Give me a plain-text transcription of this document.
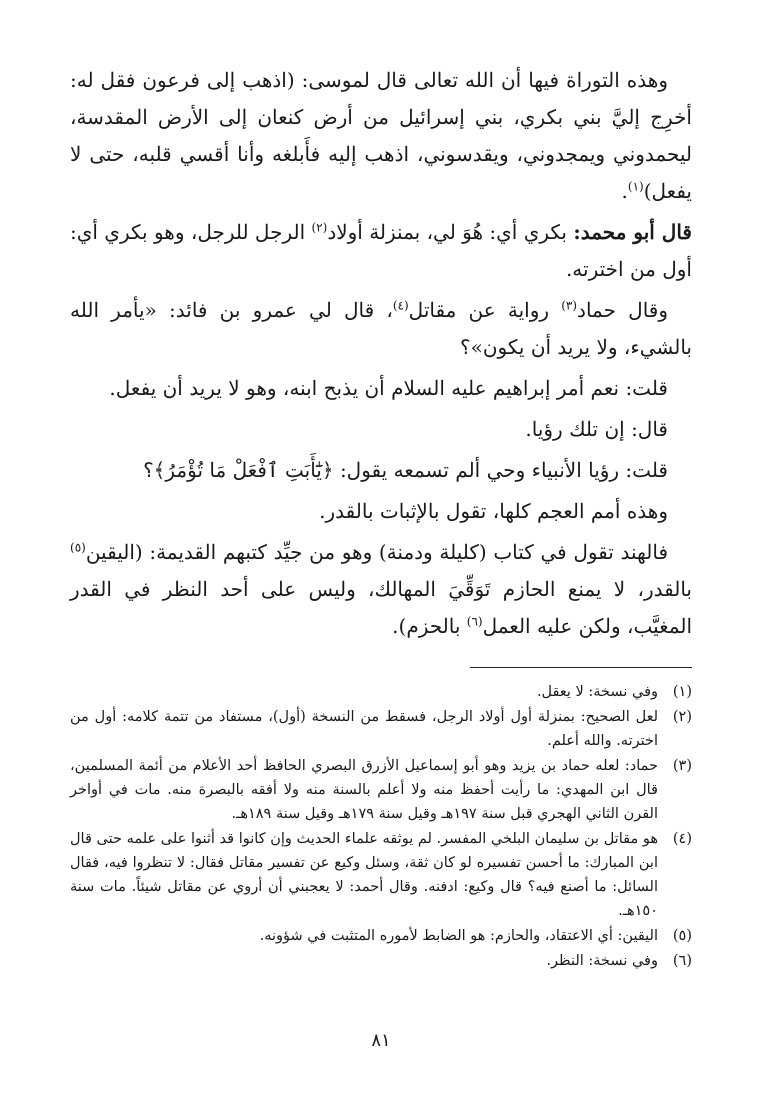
وهذه التوراة فيها أن الله تعالى قال لموسى: (اذهب إلى فرعون فقل له: أخرِج إليَّ بني بكري، بني إسرائيل من أرض كنعان إلى الأرض المقدسة، ليحمدوني ويمجدوني، ويقدسوني، اذهب إليه فأَبلغه وأنا أقسي قلبه، حتى لا يفعل)$^{(١)}$.

قال أبو محمد: بكري أي: هُوَ لي، بمنزلة أولاد$^{(٢)}$ الرجل للرجل، وهو بكري أي: أول من اخترته.

وقال حماد$^{(٣)}$ رواية عن مقاتل$^{(٤)}$، قال لي عمرو بن فائد: «يأمر الله بالشيء، ولا يريد أن يكون»؟

قلت: نعم أمر إبراهيم عليه السلام أن يذبح ابنه، وهو لا يريد أن يفعل.

قال: إن تلك رؤيا.

قلت: رؤيا الأنبياء وحي ألم تسمعه يقول: ﴿يَٰٓأَبَتِ ٱفْعَلْ مَا تُؤْمَرُ﴾؟

وهذه أمم العجم كلها، تقول بالإثبات بالقدر.

فالهند تقول في كتاب (كليلة ودمنة) وهو من جيِّد كتبهم القديمة: (اليقين$^{(٥)}$ بالقدر، لا يمنع الحازم تَوَقِّيَ المهالك، وليس على أحد النظر في القدر المغيَّب، ولكن عليه العمل$^{(٦)}$ بالحزم).

(١)
وفي نسخة: لا يعقل.
(٢)
لعل الصحيح: بمنزلة أول أولاد الرجل، فسقط من النسخة (أول)، مستفاد من تتمة كلامه: أول من اخترته. والله أعلم.
(٣)
حماد: لعله حماد بن يزيد وهو أبو إسماعيل الأزرق البصري الحافظ أحد الأعلام من أئمة المسلمين، قال ابن المهدي: ما رأيت أحفظ منه ولا أعلم بالسنة منه ولا أفقه بالبصرة منه. مات في أواخر القرن الثاني الهجري قبل سنة ١٩٧هـ وقيل سنة ١٧٩هـ وقيل سنة ١٨٩هـ.
(٤)
هو مقاتل بن سليمان البلخي المفسر. لم يوثقه علماء الحديث وإن كانوا قد أثنوا على علمه حتى قال ابن المبارك: ما أحسن تفسيره لو كان ثقة، وسئل وكيع عن تفسير مقاتل فقال: لا تنظروا فيه، فقال السائل: ما أصنع فيه؟ قال وكيع: ادفنه. وقال أحمد: لا يعجبني أن أروي عن مقاتل شيئاً. مات سنة ١٥٠هـ.
(٥)
اليقين: أي الاعتقاد، والحازم: هو الضابط لأموره المتثبت في شؤونه.
(٦)
وفي نسخة: النظر.
٨١
